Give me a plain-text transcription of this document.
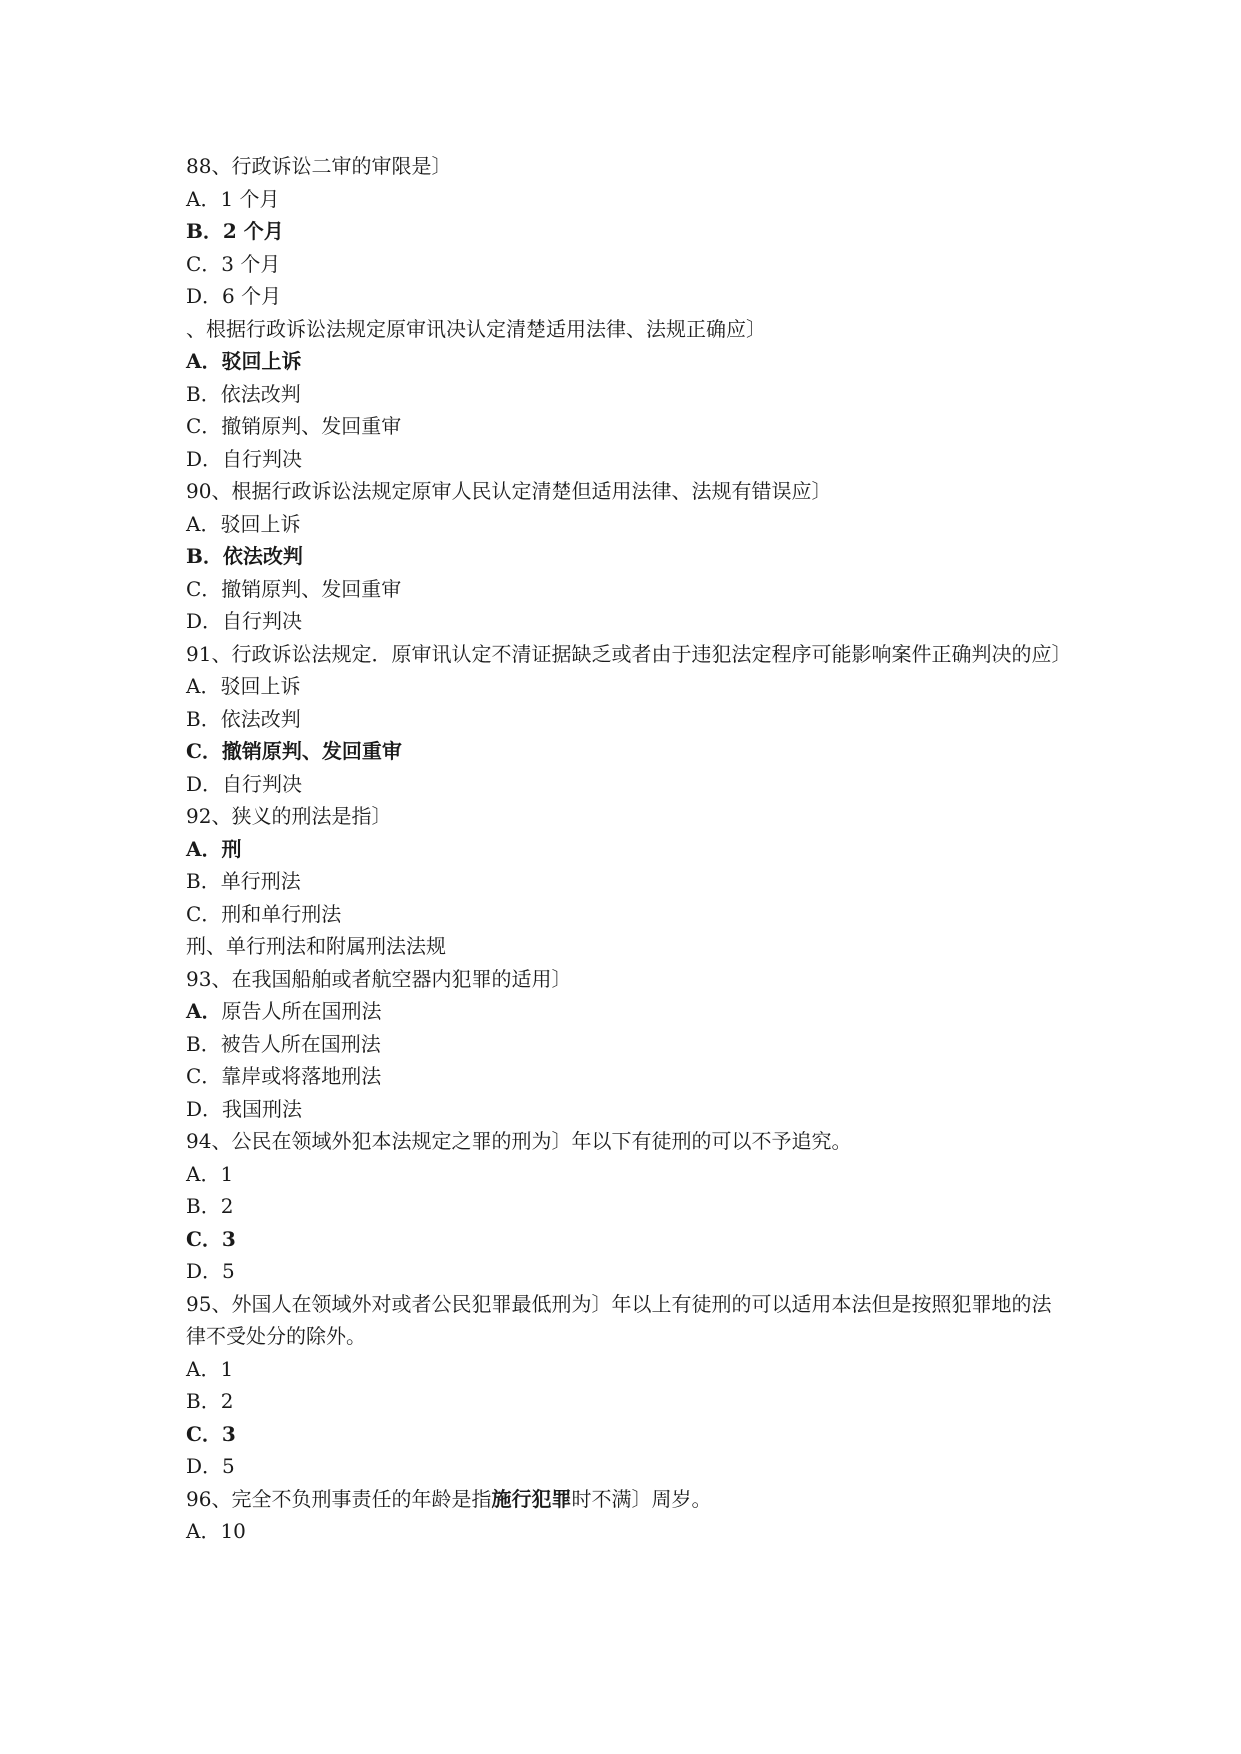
88、行政诉讼二审的审限是〕
A．1 个月
B．2 个月
C．3 个月
D．6 个月
、根据行政诉讼法规定原审讯决认定清楚适用法律、法规正确应〕
A．驳回上诉
B．依法改判
C．撤销原判、发回重审
D．自行判决
90、根据行政诉讼法规定原审人民认定清楚但适用法律、法规有错误应〕
A．驳回上诉
B．依法改判
C．撤销原判、发回重审
D．自行判决
91、行政诉讼法规定．原审讯认定不清证据缺乏或者由于违犯法定程序可能影响案件正确判决的应〕
A．驳回上诉
B．依法改判
C．撤销原判、发回重审
D．自行判决
92、狭义的刑法是指〕
A．刑
B．单行刑法
C．刑和单行刑法
刑、单行刑法和附属刑法法规
93、在我国船舶或者航空器内犯罪的适用〕
A．原告人所在国刑法
B．被告人所在国刑法
C．靠岸或将落地刑法
D．我国刑法
94、公民在领域外犯本法规定之罪的刑为〕年以下有徒刑的可以不予追究。
A．1
B．2
C．3
D．5
95、外国人在领域外对或者公民犯罪最低刑为〕年以上有徒刑的可以适用本法但是按照犯罪地的法律不受处分的除外。
A．1
B．2
C．3
D．5
96、完全不负刑事责任的年龄是指施行犯罪时不满〕周岁。
A．10
